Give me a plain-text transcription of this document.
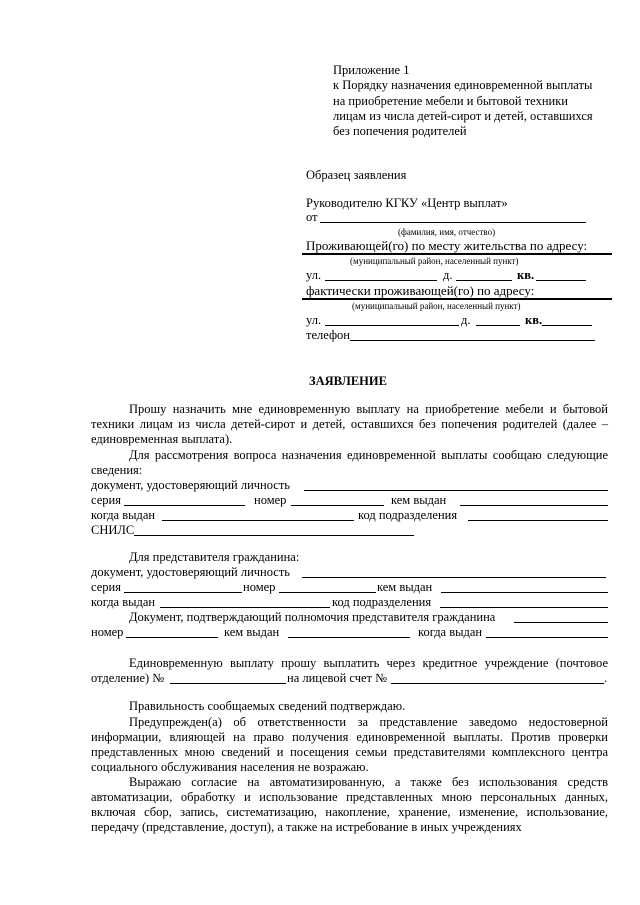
Приложение 1
к Порядку назначения единовременной выплаты
на приобретение мебели и бытовой техники
лицам из числа детей-сирот и детей, оставшихся
без попечения родителей
Образец заявления
Руководителю КГКУ «Центр выплат»
от
(фамилия, имя, отчество)
Проживающей(го) по месту жительства по адресу:
(муниципальный район, населенный пункт)
ул.	д.	кв.
фактически проживающей(го) по адресу:
(муниципальный район, населенный пункт)
ул.	д.	кв.
телефон
ЗАЯВЛЕНИЕ
Прошу назначить мне единовременную выплату на приобретение мебели и бытовой техники лицам из числа детей-сирот и детей, оставшихся без попечения родителей (далее – единовременная выплата).
Для рассмотрения вопроса назначения единовременной выплаты сообщаю следующие сведения:
документ, удостоверяющий личность
серия	номер	кем выдан
когда выдан	код подразделения
СНИЛС
Для представителя гражданина:
документ, удостоверяющий личность
серия	номер	кем выдан
когда выдан	код подразделения
Документ, подтверждающий полномочия представителя гражданина
номер	кем выдан	когда выдан
Единовременную выплату прошу выплатить через кредитное учреждение (почтовое
отделение) №	на лицевой счет №	.
Правильность сообщаемых сведений подтверждаю.
Предупрежден(а) об ответственности за представление заведомо недостоверной информации, влияющей на право получения единовременной выплаты. Против проверки представленных мною сведений и посещения семьи представителями комплексного центра социального обслуживания населения не возражаю.
Выражаю согласие на автоматизированную, а также без использования средств автоматизации, обработку и использование представленных мною персональных данных, включая сбор, запись, систематизацию, накопление, хранение, изменение, использование, передачу (представление, доступ), а также на истребование в иных учреждениях
